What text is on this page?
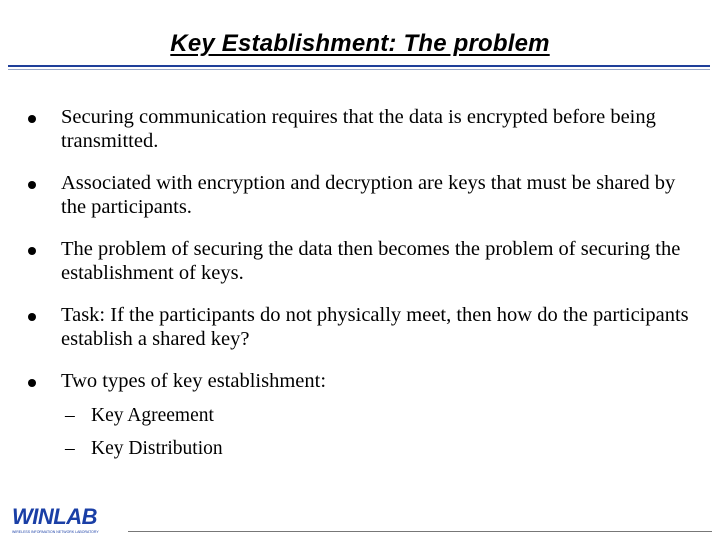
Key Establishment: The problem
Securing communication requires that the data is encrypted before being transmitted.
Associated with encryption and decryption are keys that must be shared by the participants.
The problem of securing the data then becomes the problem of securing the establishment of keys.
Task: If the participants do not physically meet, then how do the participants establish a shared key?
Two types of key establishment:
– Key Agreement
– Key Distribution
WINLAB
WIRELESS INFORMATION NETWORK LABORATORY
